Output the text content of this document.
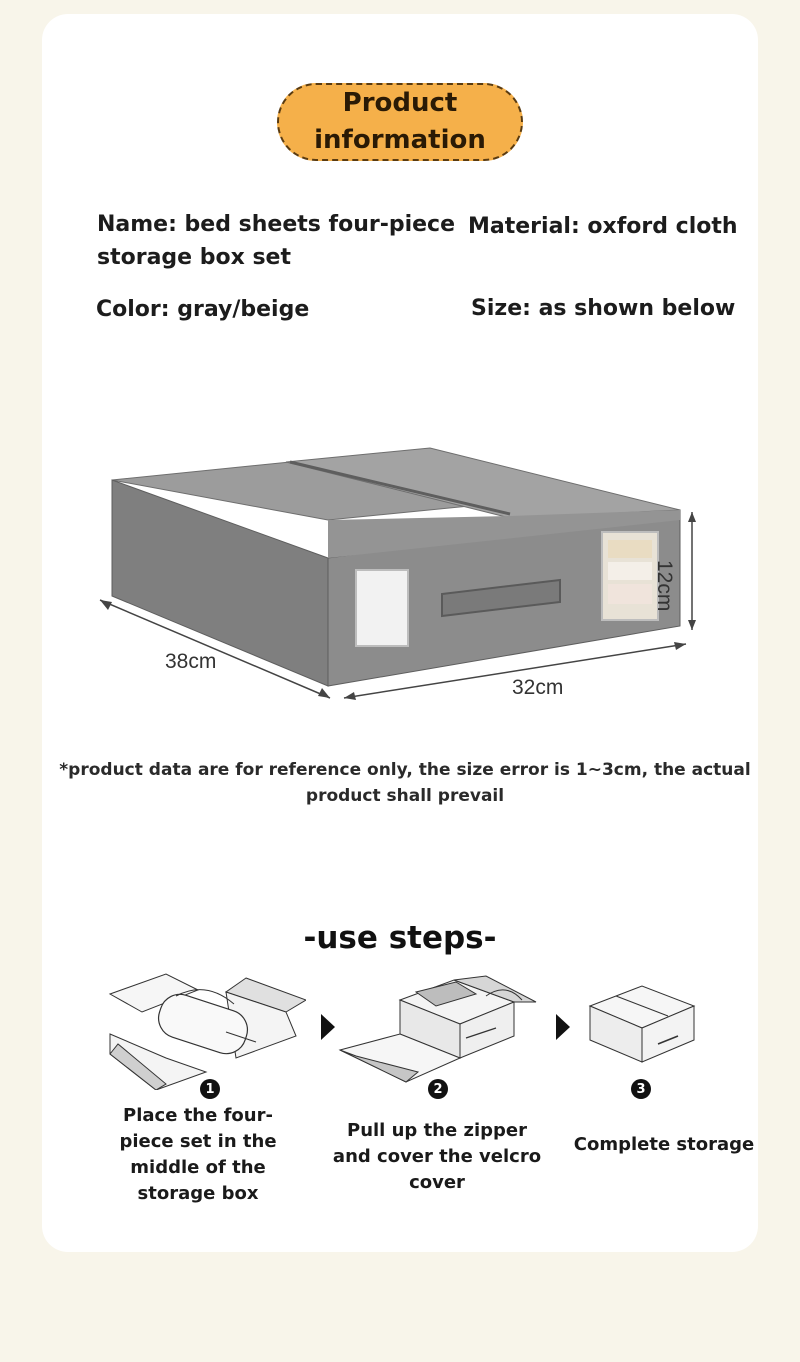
Product
information
Name: bed sheets four-piece storage box set
Material: oxford cloth
Color: gray/beige	Size: as shown below
38cm
32cm
12cm
*product data are for reference only, the size error is 1~3cm, the actual product shall prevail
-use steps-
1	2	3
Place the four-piece set in the middle of the storage box
Pull up the zipper and cover the velcro cover
Complete storage
